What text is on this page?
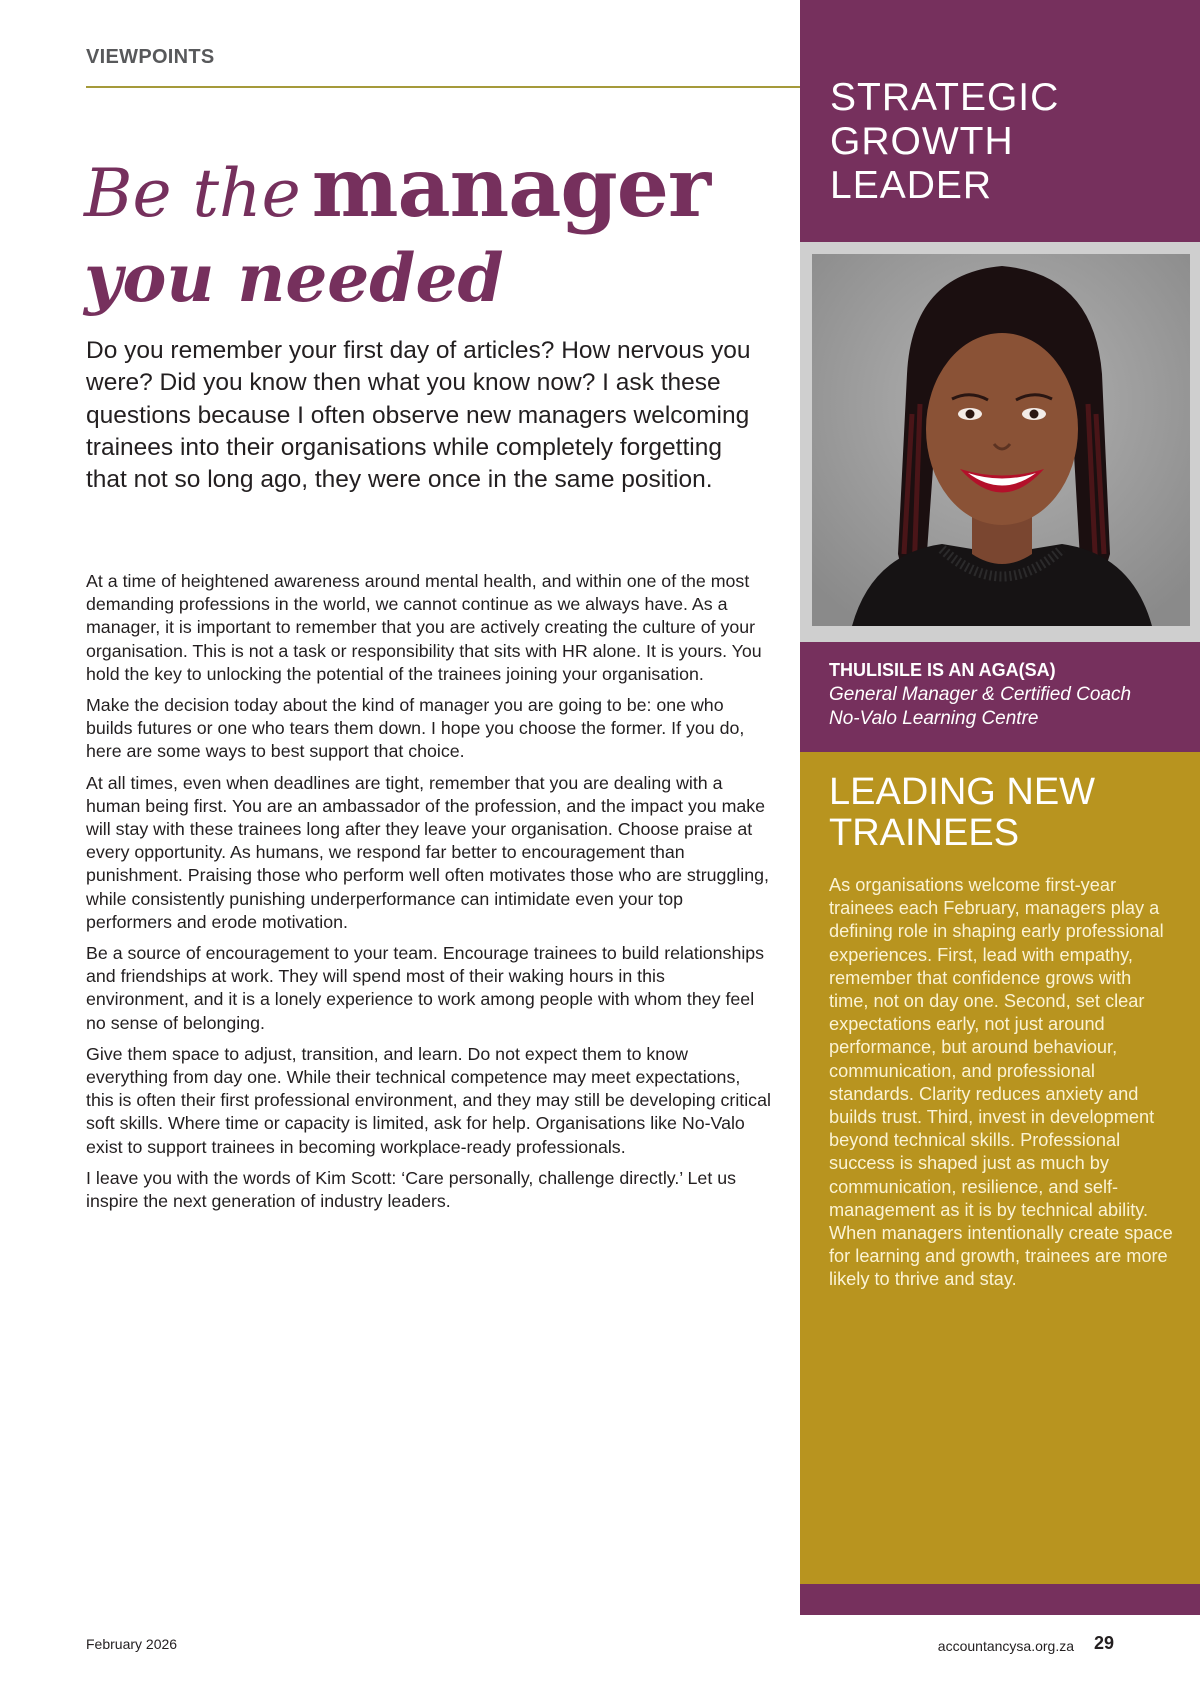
VIEWPOINTS
Be the manager
you needed

Do you remember your first day of articles? How nervous you were? Did you know then what you know now? I ask these questions because I often observe new managers welcoming trainees into their organisations while completely forgetting that not so long ago, they were once in the same position.

At a time of heightened awareness around mental health, and within one of the most demanding professions in the world, we cannot continue as we always have. As a manager, it is important to remember that you are actively creating the culture of your organisation. This is not a task or responsibility that sits with HR alone. It is yours. You hold the key to unlocking the potential of the trainees joining your organisation.

Make the decision today about the kind of manager you are going to be: one who builds futures or one who tears them down. I hope you choose the former. If you do, here are some ways to best support that choice.

At all times, even when deadlines are tight, remember that you are dealing with a human being first. You are an ambassador of the profession, and the impact you make will stay with these trainees long after they leave your organisation. Choose praise at every opportunity. As humans, we respond far better to encouragement than punishment. Praising those who perform well often motivates those who are struggling, while consistently punishing underperformance can intimidate even your top performers and erode motivation.

Be a source of encouragement to your team. Encourage trainees to build relationships and friendships at work. They will spend most of their waking hours in this environment, and it is a lonely experience to work among people with whom they feel no sense of belonging.

Give them space to adjust, transition, and learn. Do not expect them to know everything from day one. While their technical competence may meet expectations, this is often their first professional environment, and they may still be developing critical soft skills. Where time or capacity is limited, ask for help. Organisations like No-Valo exist to support trainees in becoming workplace-ready professionals.

I leave you with the words of Kim Scott: ‘Care personally, challenge directly.’ Let us inspire the next generation of industry leaders.

STRATEGIC GROWTH LEADER
THULISILE IS AN AGA(SA)
General Manager & Certified Coach
No-Valo Learning Centre
LEADING NEW TRAINEES

As organisations welcome first-year trainees each February, managers play a defining role in shaping early professional experiences. First, lead with empathy, remember that confidence grows with time, not on day one. Second, set clear expectations early, not just around performance, but around behaviour, communication, and professional standards. Clarity reduces anxiety and builds trust. Third, invest in development beyond technical skills. Professional success is shaped just as much by communication, resilience, and self-management as it is by technical ability. When managers intentionally create space for learning and growth, trainees are more likely to thrive and stay.

February 2026	accountancysa.org.za 29
